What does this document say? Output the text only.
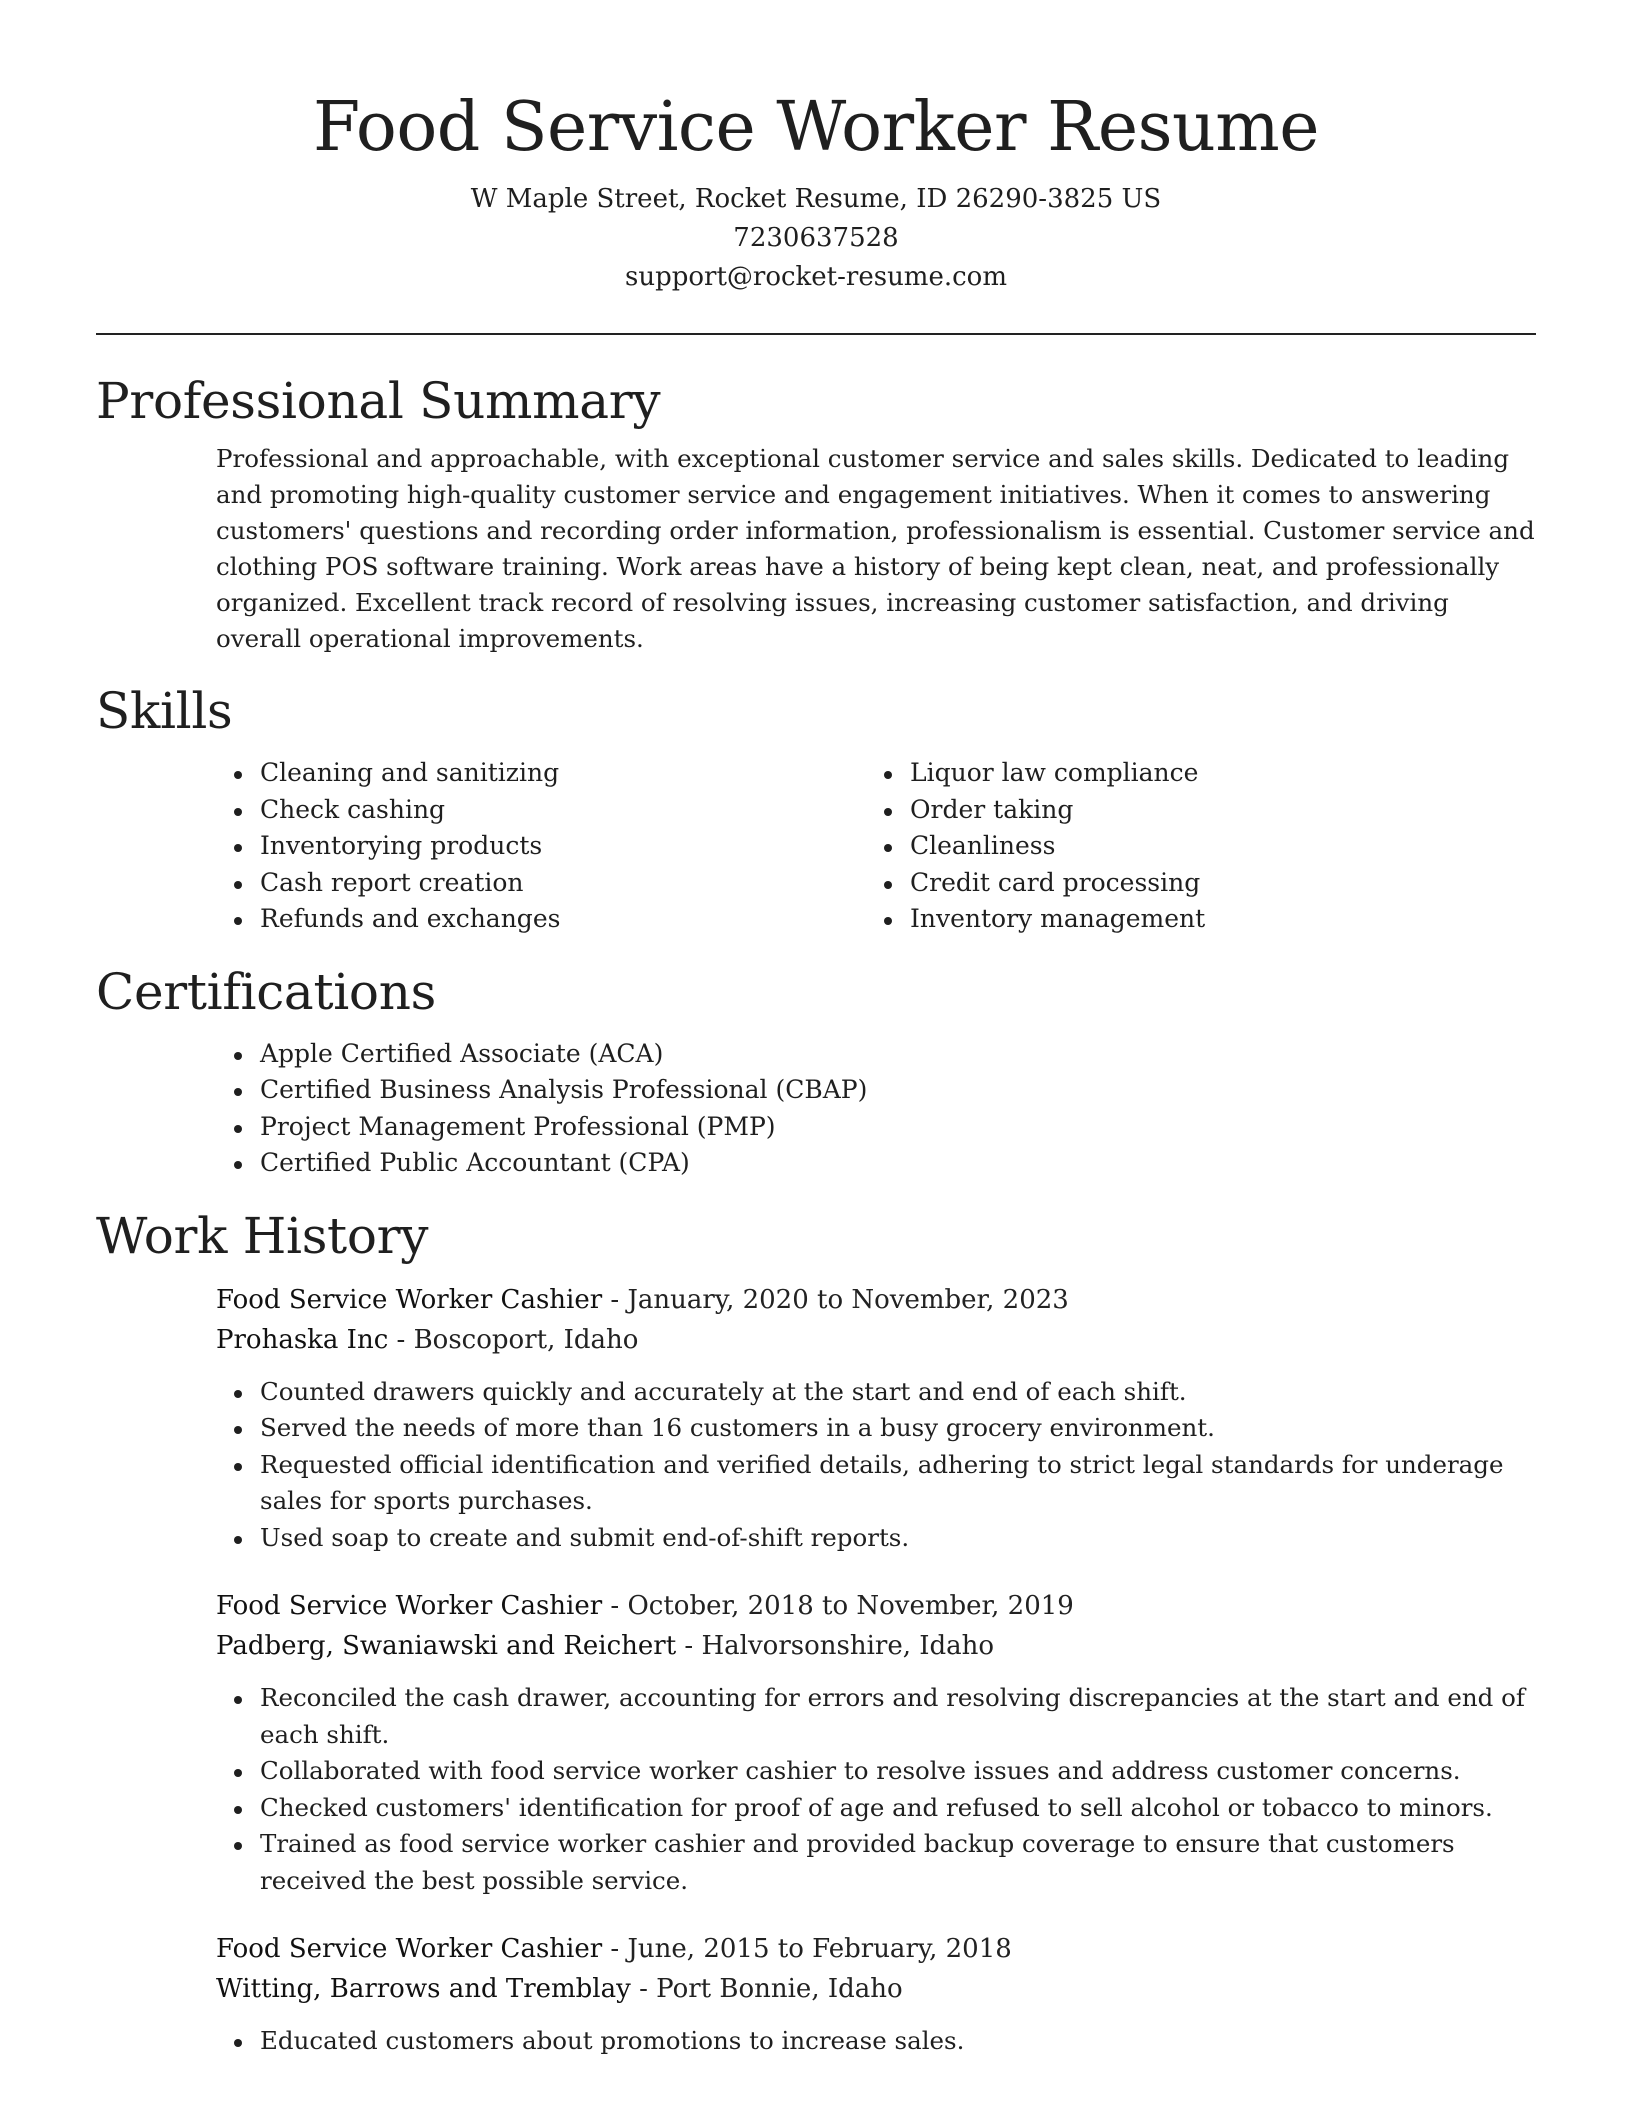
Food Service Worker Resume
W Maple Street, Rocket Resume, ID 26290-3825 US
7230637528
support@rocket-resume.com
Professional Summary

Professional and approachable, with exceptional customer service and sales skills. Dedicated to leading and promoting high-quality customer service and engagement initiatives. When it comes to answering customers' questions and recording order information, professionalism is essential. Customer service and clothing POS software training. Work areas have a history of being kept clean, neat, and professionally organized. Excellent track record of resolving issues, increasing customer satisfaction, and driving overall operational improvements.

Skills
Cleaning and sanitizing
Check cashing
Inventorying products
Cash report creation
Refunds and exchanges
Liquor law compliance
Order taking
Cleanliness
Credit card processing
Inventory management
Certifications
Apple Certified Associate (ACA)
Certified Business Analysis Professional (CBAP)
Project Management Professional (PMP)
Certified Public Accountant (CPA)
Work History
Food Service Worker Cashier - January, 2020 to November, 2023
Prohaska Inc - Boscoport, Idaho
Counted drawers quickly and accurately at the start and end of each shift.
Served the needs of more than 16 customers in a busy grocery environment.
Requested official identification and verified details, adhering to strict legal standards for underage sales for sports purchases.
Used soap to create and submit end-of-shift reports.
Food Service Worker Cashier - October, 2018 to November, 2019
Padberg, Swaniawski and Reichert - Halvorsonshire, Idaho
Reconciled the cash drawer, accounting for errors and resolving discrepancies at the start and end of each shift.
Collaborated with food service worker cashier to resolve issues and address customer concerns.
Checked customers' identification for proof of age and refused to sell alcohol or tobacco to minors.
Trained as food service worker cashier and provided backup coverage to ensure that customers received the best possible service.
Food Service Worker Cashier - June, 2015 to February, 2018
Witting, Barrows and Tremblay - Port Bonnie, Idaho
Educated customers about promotions to increase sales.
